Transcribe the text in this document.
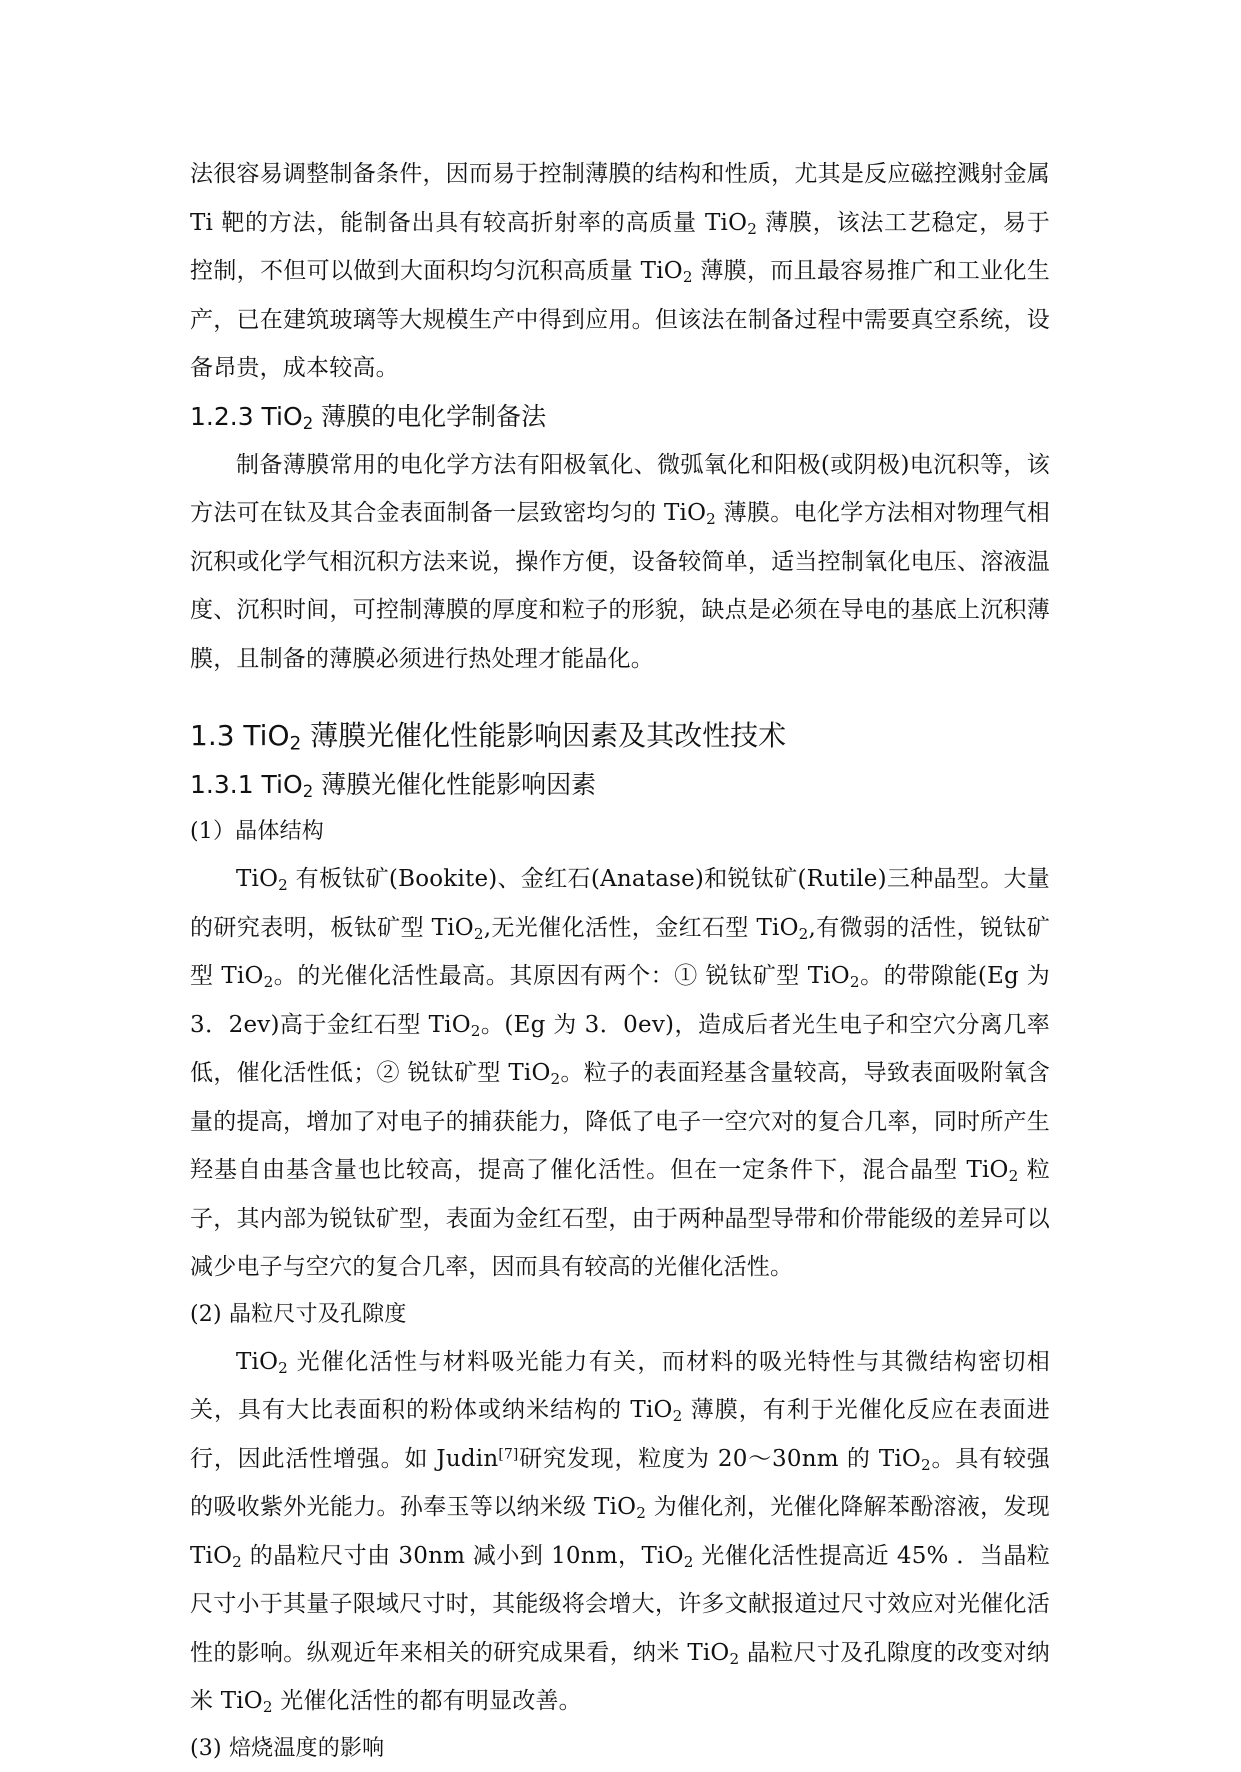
法很容易调整制备条件，因而易于控制薄膜的结构和性质，尤其是反应磁控溅射金属 Ti 靶的方法，能制备出具有较高折射率的高质量 TiO$_2$ 薄膜，该法工艺稳定，易于控制，不但可以做到大面积均匀沉积高质量 TiO$_2$ 薄膜，而且最容易推广和工业化生产，已在建筑玻璃等大规模生产中得到应用。但该法在制备过程中需要真空系统，设备昂贵，成本较高。

1.2.3 TiO$_2$ 薄膜的电化学制备法

制备薄膜常用的电化学方法有阳极氧化、微弧氧化和阳极(或阴极)电沉积等，该方法可在钛及其合金表面制备一层致密均匀的 TiO$_2$ 薄膜。电化学方法相对物理气相沉积或化学气相沉积方法来说，操作方便，设备较简单，适当控制氧化电压、溶液温度、沉积时间，可控制薄膜的厚度和粒子的形貌，缺点是必须在导电的基底上沉积薄膜，且制备的薄膜必须进行热处理才能晶化。

1.3 TiO$_2$ 薄膜光催化性能影响因素及其改性技术
1.3.1 TiO$_2$ 薄膜光催化性能影响因素

(1）晶体结构

TiO$_2$ 有板钛矿(Bookite)、金红石(Anatase)和锐钛矿(Rutile)三种晶型。大量的研究表明，板钛矿型 TiO$_2$,无光催化活性，金红石型 TiO$_2$,有微弱的活性，锐钛矿型 TiO$_2$。的光催化活性最高。其原因有两个：① 锐钛矿型 TiO$_2$。的带隙能(Eg 为 3．2ev)高于金红石型 TiO$_2$。(Eg 为 3．0ev)，造成后者光生电子和空穴分离几率低，催化活性低；② 锐钛矿型 TiO$_2$。粒子的表面羟基含量较高，导致表面吸附氧含量的提高，增加了对电子的捕获能力，降低了电子一空穴对的复合几率，同时所产生羟基自由基含量也比较高，提高了催化活性。但在一定条件下，混合晶型 TiO$_2$ 粒子，其内部为锐钛矿型，表面为金红石型，由于两种晶型导带和价带能级的差异可以减少电子与空穴的复合几率，因而具有较高的光催化活性。

(2) 晶粒尺寸及孔隙度

TiO$_2$ 光催化活性与材料吸光能力有关，而材料的吸光特性与其微结构密切相关，具有大比表面积的粉体或纳米结构的 TiO$_2$ 薄膜，有利于光催化反应在表面进行，因此活性增强。如 Judin[7]研究发现，粒度为 20～30nm 的 TiO$_2$。具有较强的吸收紫外光能力。孙奉玉等以纳米级 TiO$_2$ 为催化剂，光催化降解苯酚溶液，发现 TiO$_2$ 的晶粒尺寸由 30nm 减小到 10nm，TiO$_2$ 光催化活性提高近 45% ．当晶粒尺寸小于其量子限域尺寸时，其能级将会增大，许多文献报道过尺寸效应对光催化活性的影响。纵观近年来相关的研究成果看，纳米 TiO$_2$ 晶粒尺寸及孔隙度的改变对纳米 TiO$_2$ 光催化活性的都有明显改善。

(3) 焙烧温度的影响
